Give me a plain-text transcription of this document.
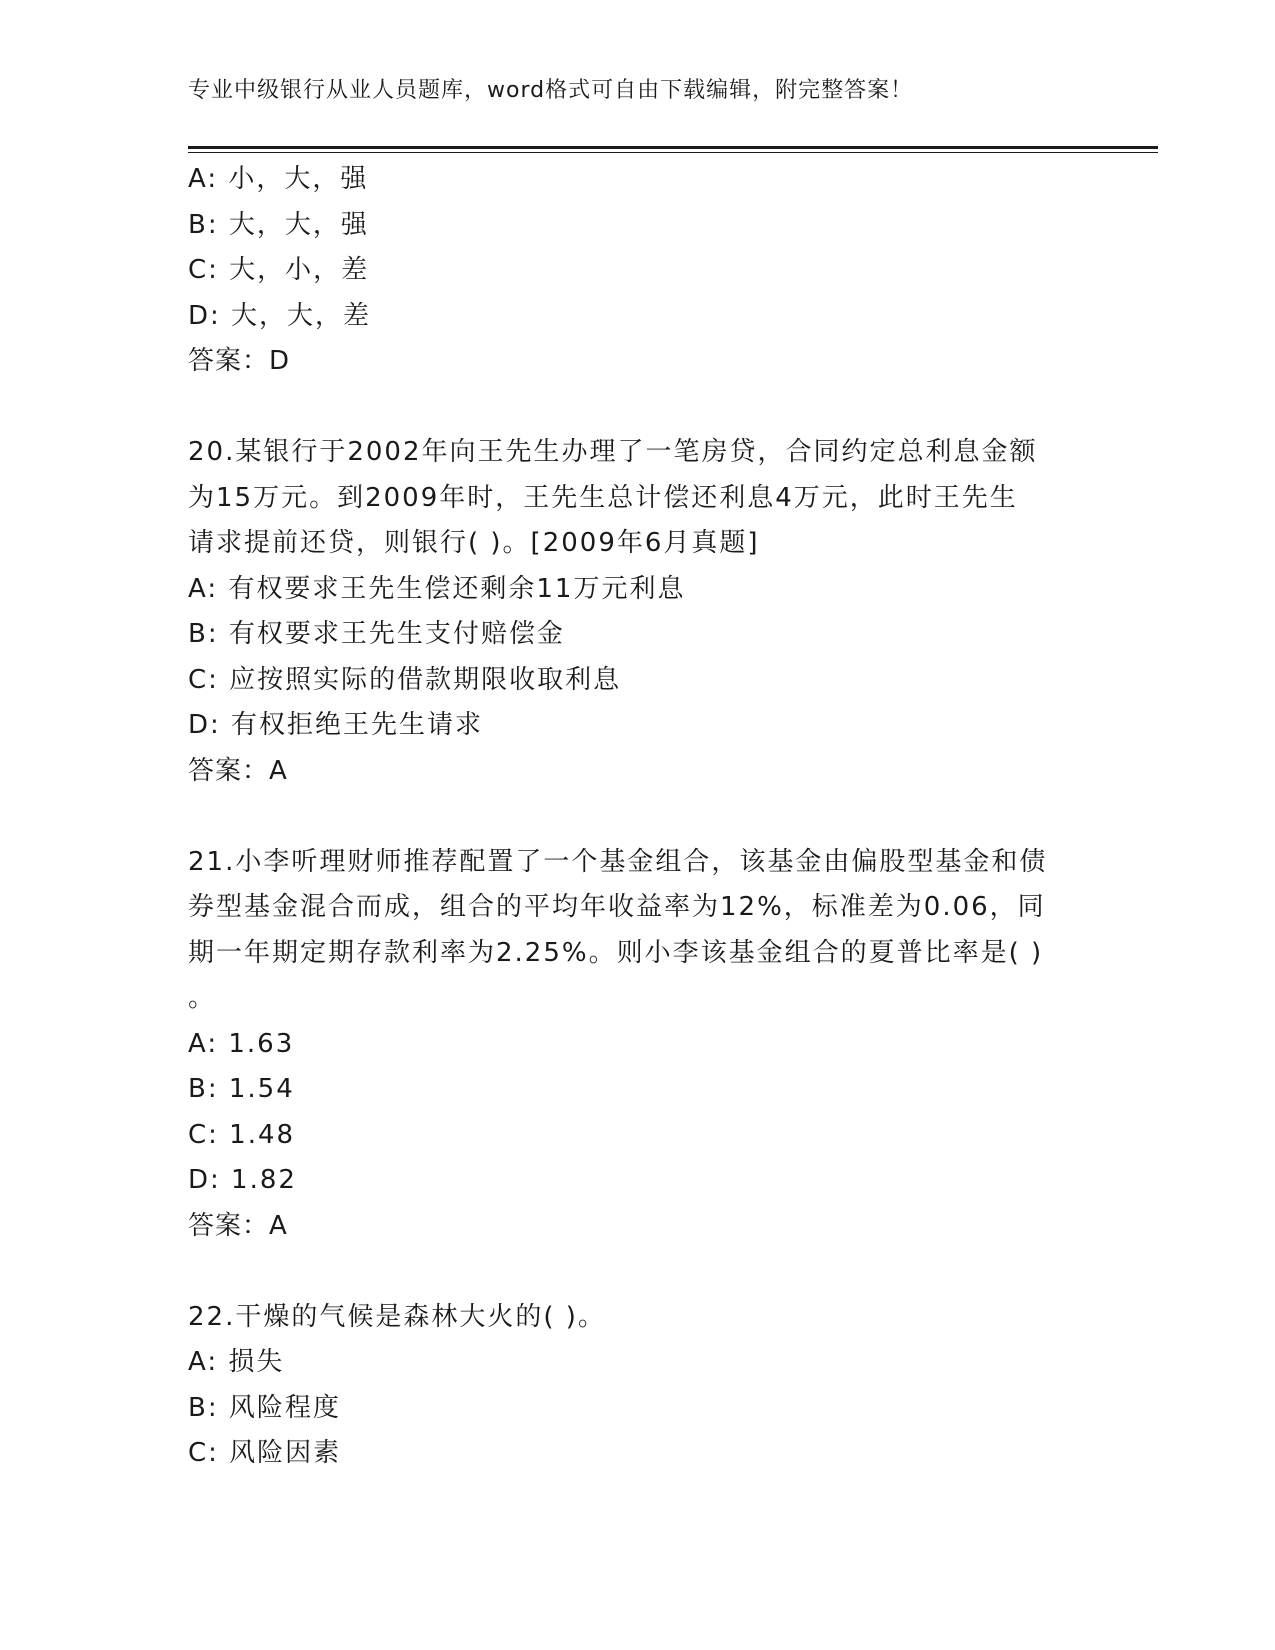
专业中级银行从业人员题库，word格式可自由下载编辑，附完整答案！
A: 小，大，强
B: 大，大，强
C: 大，小，差
D: 大，大，差
答案：D
20.某银行于2002年向王先生办理了一笔房贷，合同约定总利息金额
为15万元。到2009年时，王先生总计偿还利息4万元，此时王先生
请求提前还贷，则银行( )。[2009年6月真题]
A: 有权要求王先生偿还剩余11万元利息
B: 有权要求王先生支付赔偿金
C: 应按照实际的借款期限收取利息
D: 有权拒绝王先生请求
答案：A
21.小李听理财师推荐配置了一个基金组合，该基金由偏股型基金和债
券型基金混合而成，组合的平均年收益率为12%，标准差为0.06，同
期一年期定期存款利率为2.25%。则小李该基金组合的夏普比率是( )
。
A: 1.63
B: 1.54
C: 1.48
D: 1.82
答案：A
22.干燥的气候是森林大火的( )。
A: 损失
B: 风险程度
C: 风险因素
